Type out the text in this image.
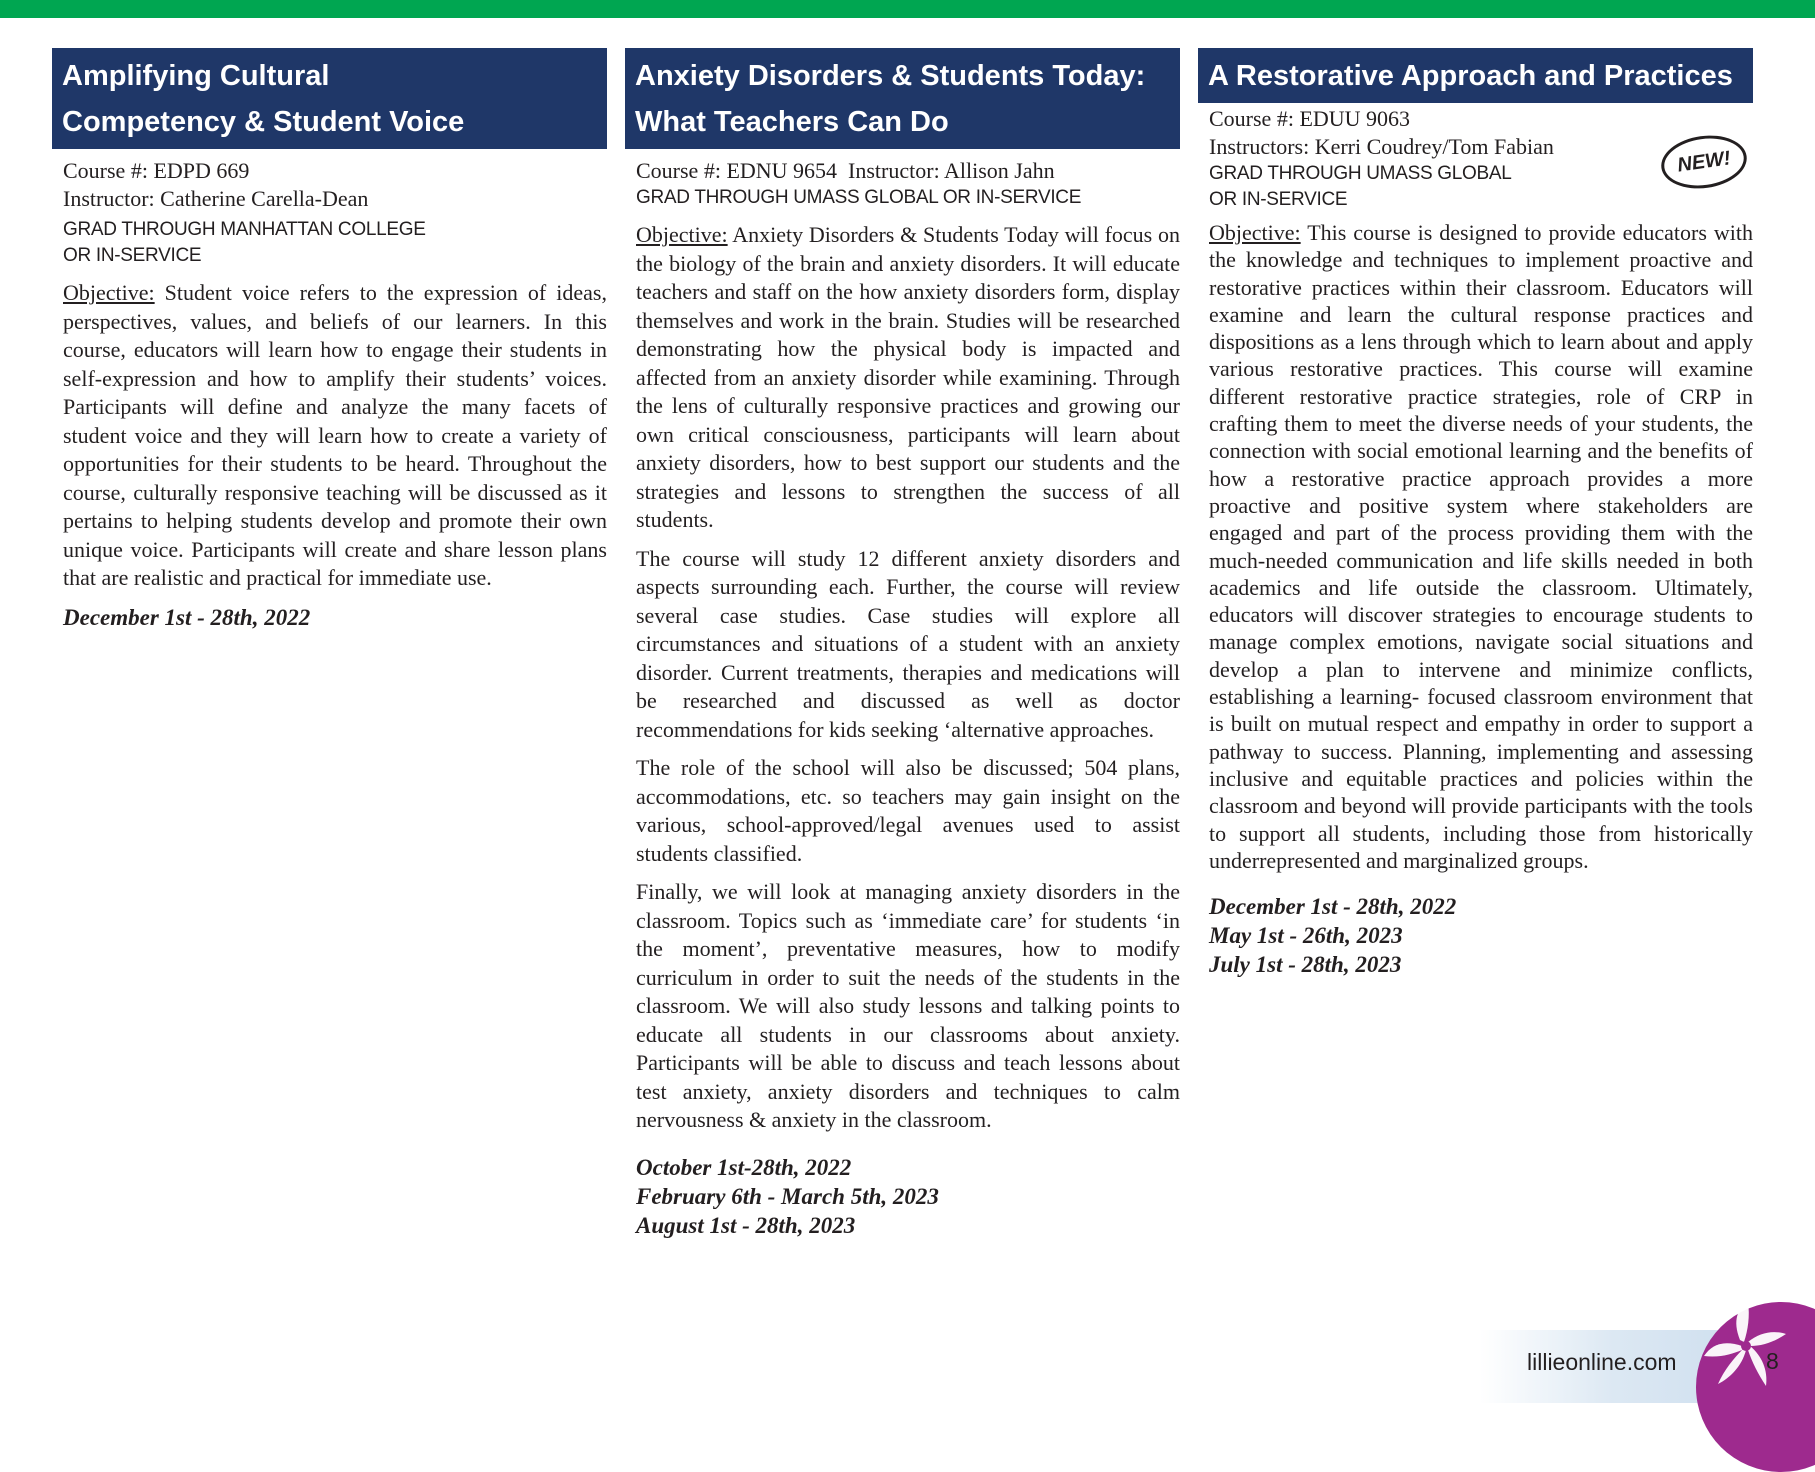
Amplifying Cultural
Competency & Student Voice

Course #: EDPD 669

Instructor: Catherine Carella-Dean

GRAD THROUGH MANHATTAN COLLEGE

OR IN-SERVICE

Objective: Student voice refers to the expression of ideas, perspectives, values, and beliefs of our learners. In this course, educators will learn how to engage their students in self-expression and how to amplify their students’ voices. Participants will define and analyze the many facets of student voice and they will learn how to create a variety of opportunities for their students to be heard. Throughout the course, culturally responsive teaching will be discussed as it pertains to helping students develop and promote their own unique voice. Participants will create and share lesson plans that are realistic and practical for immediate use.

December 1st - 28th, 2022
Anxiety Disorders & Students Today:
What Teachers Can Do

Course #: EDNU 9654  Instructor: Allison Jahn

GRAD THROUGH UMASS GLOBAL OR IN-SERVICE

Objective: Anxiety Disorders & Students Today will focus on the biology of the brain and anxiety disorders. It will educate teachers and staff on the how anxiety disorders form, display themselves and work in the brain. Studies will be researched demonstrating how the physical body is impacted and affected from an anxiety disorder while examining. Through the lens of culturally responsive practices and growing our own critical consciousness, participants will learn about anxiety disorders, how to best support our students and the strategies and lessons to strengthen the success of all students.

The course will study 12 different anxiety disorders and aspects surrounding each. Further, the course will review several case studies. Case studies will explore all circumstances and situations of a student with an anxiety disorder. Current treatments, therapies and medications will be researched and discussed as well as doctor recommendations for kids seeking ‘alternative approaches.

The role of the school will also be discussed; 504 plans, accommodations, etc. so teachers may gain insight on the various, school-approved/legal avenues used to assist students classified.

Finally, we will look at managing anxiety disorders in the classroom. Topics such as ‘immediate care’ for students ‘in the moment’, preventative measures, how to modify curriculum in order to suit the needs of the students in the classroom. We will also study lessons and talking points to educate all students in our classrooms about anxiety. Participants will be able to discuss and teach lessons about test anxiety, anxiety disorders and techniques to calm nervousness & anxiety in the classroom.

October 1st-28th, 2022
February 6th - March 5th, 2023
August 1st - 28th, 2023
A Restorative Approach and Practices
NEW!

Course #: EDUU 9063

Instructors: Kerri Coudrey/Tom Fabian

GRAD THROUGH UMASS GLOBAL

OR IN-SERVICE

Objective: This course is designed to provide educators with the knowledge and techniques to implement proactive and restorative practices within their classroom. Educators will examine and learn the cultural response practices and dispositions as a lens through which to learn about and apply various restorative practices. This course will examine different restorative practice strategies, role of CRP in crafting them to meet the diverse needs of your students, the connection with social emotional learning and the benefits of how a restorative practice approach provides a more proactive and positive system where stakeholders are engaged and part of the process providing them with the much-needed communication and life skills needed in both academics and life outside the classroom. Ultimately, educators will discover strategies to encourage students to manage complex emotions, navigate social situations and develop a plan to intervene and minimize conflicts, establishing a learning- focused classroom environment that is built on mutual respect and empathy in order to support a pathway to success. Planning, implementing and assessing inclusive and equitable practices and policies within the classroom and beyond will provide participants with the tools to support all students, including those from historically underrepresented and marginalized groups.

December 1st - 28th, 2022
May 1st - 26th, 2023
July 1st - 28th, 2023
lillieonline.com	8
